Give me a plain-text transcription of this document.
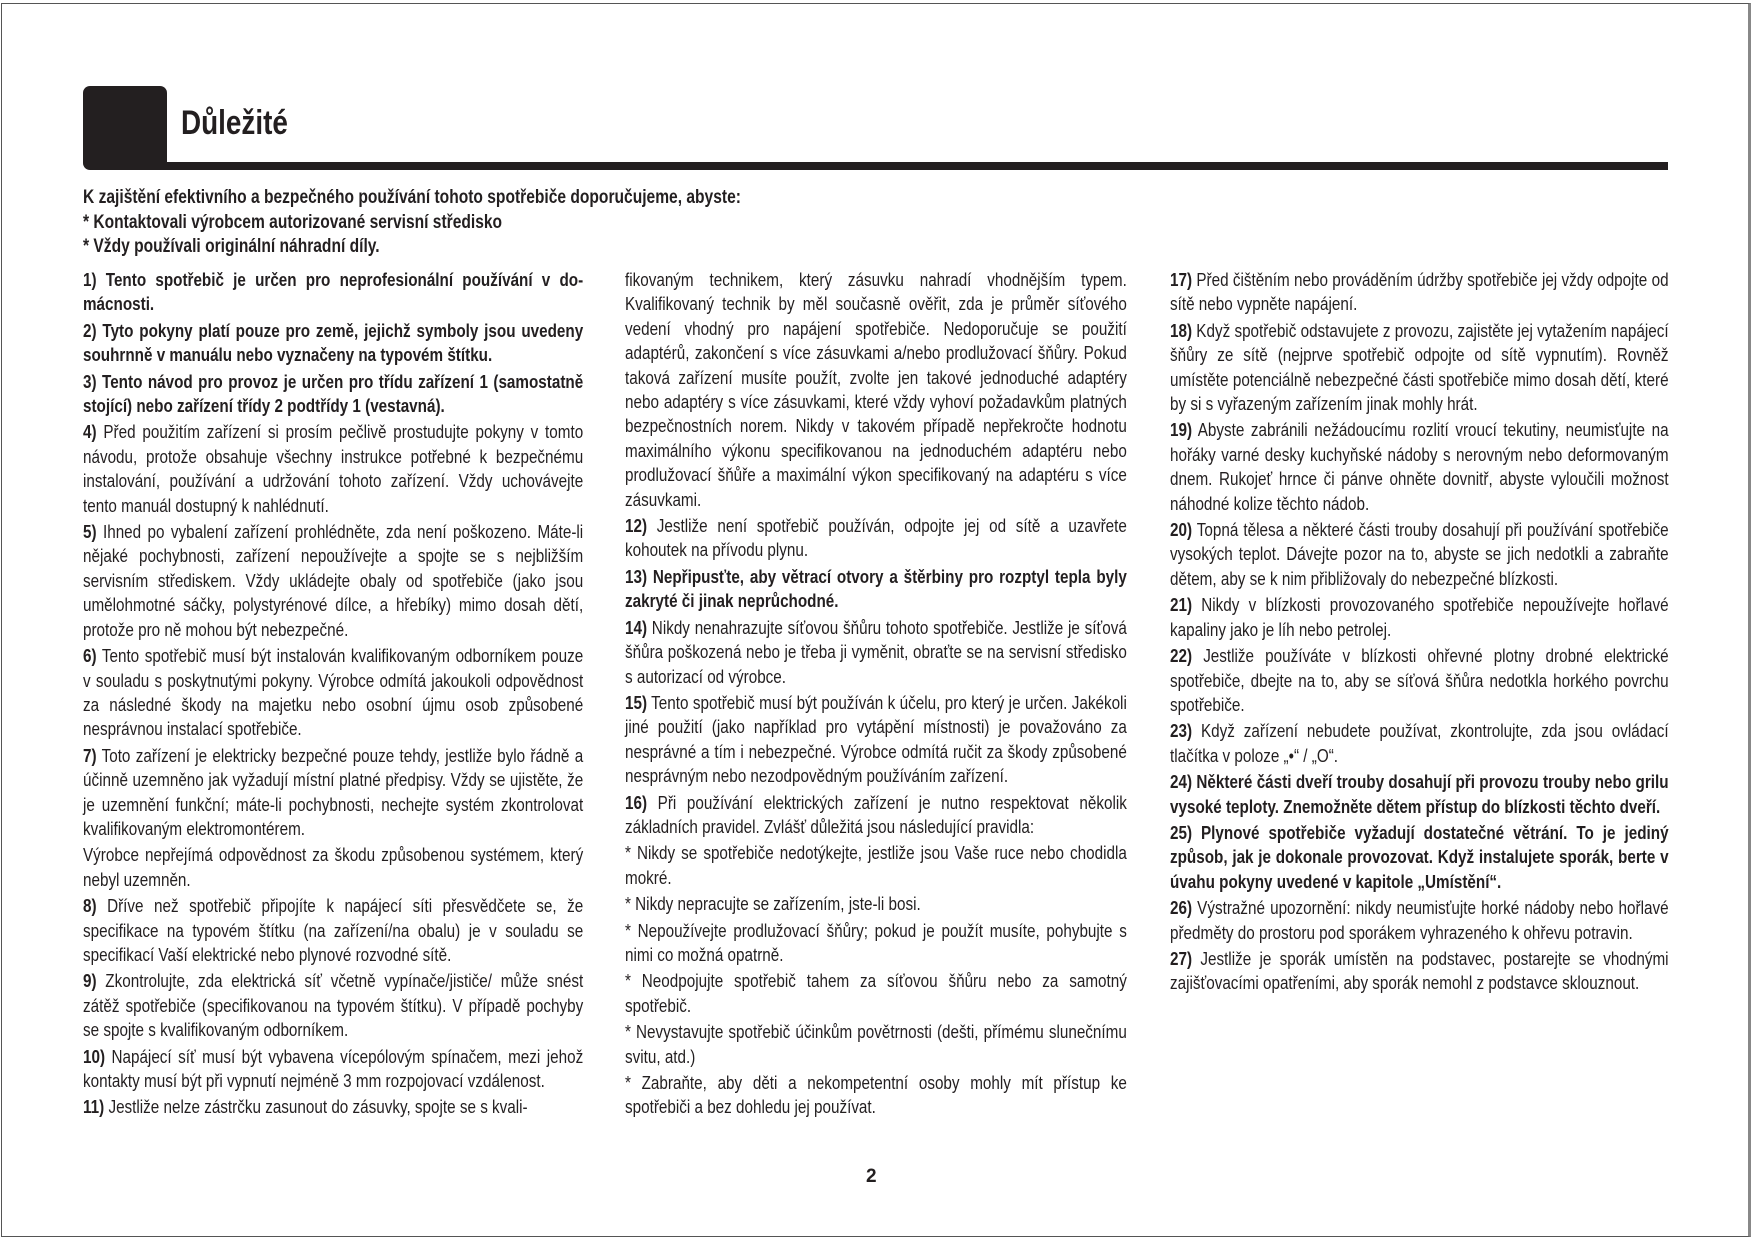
Důležité
K zajištění efektivního a bezpečného používání tohoto spotřebiče doporučujeme, abyste:
* Kontaktovali výrobcem autorizované servisní středisko
* Vždy používali originální náhradní díly.

1) Tento spotřebič je určen pro neprofesionální používání v domácnosti.

2) Tyto pokyny platí pouze pro země, jejichž symboly jsou uvedeny souhrnně v manuálu nebo vyznačeny na typovém štítku.

3) Tento návod pro provoz je určen pro třídu zařízení 1 (samostatně stojící) nebo zařízení třídy 2 podtřídy 1 (vestavná).

4) Před použitím zařízení si prosím pečlivě prostudujte pokyny v tomto návodu, protože obsahuje všechny instrukce potřebné k bezpečnému instalování, používání a udržování tohoto zařízení. Vždy uchovávejte tento manuál dostupný k nahlédnutí.

5) Ihned po vybalení zařízení prohlédněte, zda není poškozeno. Máte-li nějaké pochybnosti, zařízení nepoužívejte a spojte se s nejbližším servisním střediskem. Vždy ukládejte obaly od spotřebiče (jako jsou umělohmotné sáčky, polystyrénové dílce, a hřebíky) mimo dosah dětí, protože pro ně mohou být nebezpečné.

6) Tento spotřebič musí být instalován kvalifikovaným odborníkem pouze v souladu s poskytnutými pokyny. Výrobce odmítá jakoukoli odpovědnost za následné škody na majetku nebo osobní újmu osob způsobené nesprávnou instalací spotřebiče.

7) Toto zařízení je elektricky bezpečné pouze tehdy, jestliže bylo řádně a účinně uzemněno jak vyžadují místní platné předpisy. Vždy se ujistěte, že je uzemnění funkční; máte-li pochybnosti, nechejte systém zkontrolovat kvalifikovaným elektromontérem.

Výrobce nepřejímá odpovědnost za škodu způsobenou systémem, který nebyl uzemněn.

8) Dříve než spotřebič připojíte k napájecí síti přesvědčete se, že specifikace na typovém štítku (na zařízení/na obalu) je v souladu se specifikací Vaší elektrické nebo plynové rozvodné sítě.

9) Zkontrolujte, zda elektrická síť včetně vypínače/jističe/ může snést zátěž spotřebiče (specifikovanou na typovém štítku). V případě pochyby se spojte s kvalifikovaným odborníkem.

10) Napájecí síť musí být vybavena vícepólovým spínačem, mezi jehož kontakty musí být při vypnutí nejméně 3 mm rozpojovací vzdálenost.

11) Jestliže nelze zástrčku zasunout do zásuvky, spojte se s kvali-

fikovaným technikem, který zásuvku nahradí vhodnějším typem. Kvalifikovaný technik by měl současně ověřit, zda je průměr síťového vedení vhodný pro napájení spotřebiče. Nedoporučuje se použití adaptérů, zakončení s více zásuvkami a/nebo prodlužovací šňůry. Pokud taková zařízení musíte použít, zvolte jen takové jednoduché adaptéry nebo adaptéry s více zásuvkami, které vždy vyhoví požadavkům platných bezpečnostních norem. Nikdy v takovém případě nepřekročte hodnotu maximálního výkonu specifikovanou na jednoduchém adaptéru nebo prodlužovací šňůře a maximální výkon specifikovaný na adaptéru s více zásuvkami.

12) Jestliže není spotřebič používán, odpojte jej od sítě a uzavřete kohoutek na přívodu plynu.

13) Nepřipusťte, aby větrací otvory a štěrbiny pro rozptyl tepla byly zakryté či jinak neprůchodné.

14) Nikdy nenahrazujte síťovou šňůru tohoto spotřebiče. Jestliže je síťová šňůra poškozená nebo je třeba ji vyměnit, obraťte se na servisní středisko s autorizací od výrobce.

15) Tento spotřebič musí být používán k účelu, pro který je určen. Jakékoli jiné použití (jako například pro vytápění místnosti) je považováno za nesprávné a tím i nebezpečné. Výrobce odmítá ručit za škody způsobené nesprávným nebo nezodpovědným používáním zařízení.

16) Při používání elektrických zařízení je nutno respektovat několik základních pravidel. Zvlášť důležitá jsou následující pravidla:

* Nikdy se spotřebiče nedotýkejte, jestliže jsou Vaše ruce nebo chodidla mokré.

* Nikdy nepracujte se zařízením, jste-li bosi.

* Nepoužívejte prodlužovací šňůry; pokud je použít musíte, pohybujte s nimi co možná opatrně.

* Neodpojujte spotřebič tahem za síťovou šňůru nebo za samotný spotřebič.

* Nevystavujte spotřebič účinkům povětrnosti (dešti, přímému slunečnímu svitu, atd.)

* Zabraňte, aby děti a nekompetentní osoby mohly mít přístup ke spotřebiči a bez dohledu jej používat.

17) Před čištěním nebo prováděním údržby spotřebiče jej vždy odpojte od sítě nebo vypněte napájení.

18) Když spotřebič odstavujete z provozu, zajistěte jej vytažením napájecí šňůry ze sítě (nejprve spotřebič odpojte od sítě vypnutím). Rovněž umístěte potenciálně nebezpečné části spotřebiče mimo dosah dětí, které by si s vyřazeným zařízením jinak mohly hrát.

19) Abyste zabránili nežádoucímu rozlití vroucí tekutiny, neumisťujte na hořáky varné desky kuchyňské nádoby s nerovným nebo deformovaným dnem. Rukojeť hrnce či pánve ohněte dovnitř, abyste vyloučili možnost náhodné kolize těchto nádob.

20) Topná tělesa a některé části trouby dosahují při používání spotřebiče vysokých teplot. Dávejte pozor na to, abyste se jich nedotkli a zabraňte dětem, aby se k nim přibližovaly do nebezpečné blízkosti.

21) Nikdy v blízkosti provozovaného spotřebiče nepoužívejte hořlavé kapaliny jako je líh nebo petrolej.

22) Jestliže používáte v blízkosti ohřevné plotny drobné elektrické spotřebiče, dbejte na to, aby se síťová šňůra nedotkla horkého povrchu spotřebiče.

23) Když zařízení nebudete používat, zkontrolujte, zda jsou ovládací tlačítka v poloze „•“ / „O“.

24) Některé části dveří trouby dosahují při provozu trouby nebo grilu vysoké teploty. Znemožněte dětem přístup do blízkosti těchto dveří.

25) Plynové spotřebiče vyžadují dostatečné větrání. To je jediný způsob, jak je dokonale provozovat. Když instalujete sporák, berte v úvahu pokyny uvedené v kapitole „Umístění“.

26) Výstražné upozornění: nikdy neumisťujte horké nádoby nebo hořlavé předměty do prostoru pod sporákem vyhrazeného k ohřevu potravin.

27) Jestliže je sporák umístěn na podstavec, postarejte se vhodnými zajišťovacími opatřeními, aby sporák nemohl z podstavce sklouznout.

2
